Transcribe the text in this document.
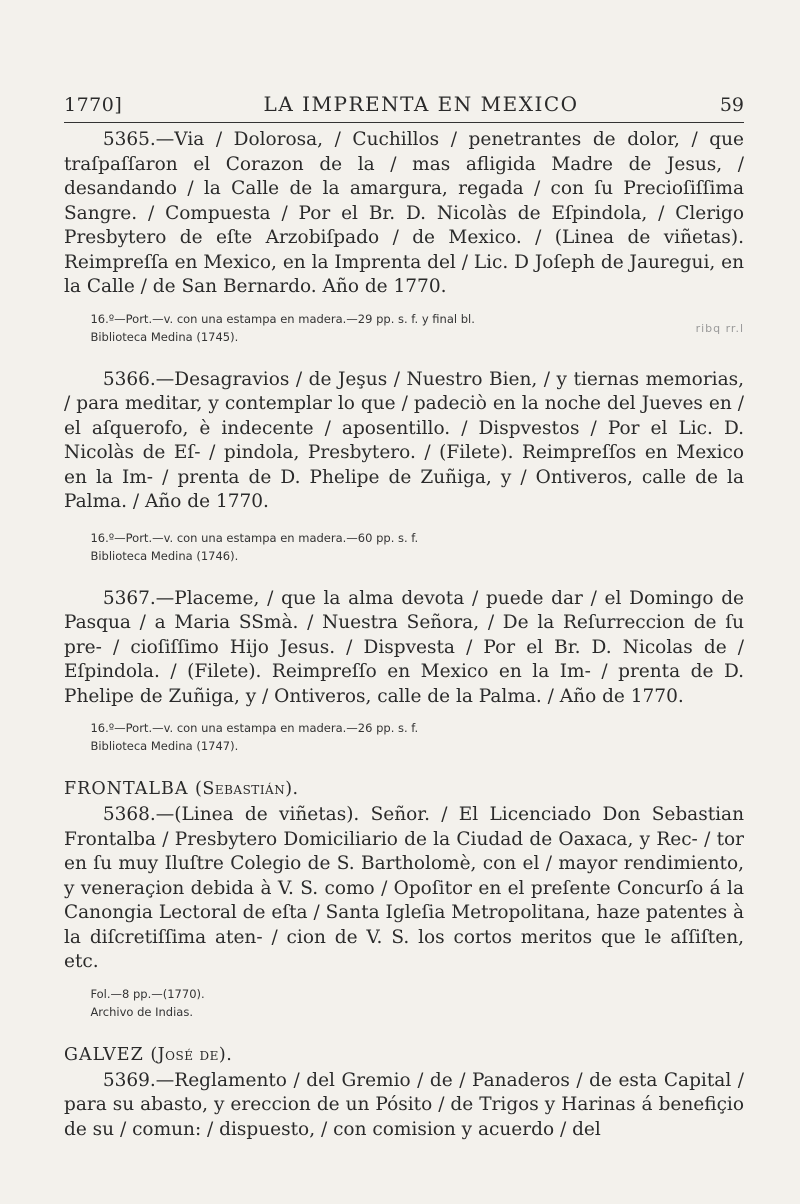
1770]	LA IMPRENTA EN MEXICO	59

5365.—Via / Dolorosa, / Cuchillos / penetrantes de dolor, / que traſpaſſaron el Corazon de la / mas afligida Madre de Jesus, / desandando / la Calle de la amargura, regada / con ſu Precioſiſſima Sangre. / Compuesta / Por el Br. D. Nicolàs de Eſpindola, / Clerigo Presbytero de eſte Arzobiſpado / de Mexico. / (Linea de viñetas). Reimpreſſa en Mexico, en la Imprenta del / Lic. D Joſeph de Jauregui, en la Calle / de San Bernardo. Año de 1770.

16.º—Port.—v. con una estampa en madera.—29 pp. s. f. y final bl.

Biblioteca Medina (1745).

ribq rr.l

5366.—Desagravios / de Jeşus / Nuestro Bien, / y tiernas memorias, / para meditar, y contemplar lo que / padeciò en la noche del Jueves en / el aſquerofo, è indecente / aposentillo. / Dispvestos / Por el Lic. D. Nicolàs de Eſ- / pindola, Presbytero. / (Filete). Reimpreſſos en Mexico en la Im- / prenta de D. Phelipe de Zuñiga, y / Ontiveros, calle de la Palma. / Año de 1770.

16.º—Port.—v. con una estampa en madera.—60 pp. s. f.

Biblioteca Medina (1746).

5367.—Placeme, / que la alma devota / puede dar / el Domingo de Pasqua / a Maria SSmà. / Nuestra Señora, / De la Reſurreccion de ſu pre- / cioſiſſimo Hijo Jesus. / Dispvesta / Por el Br. D. Nicolas de / Eſpindola. / (Filete). Reimpreſſo en Mexico en la Im- / prenta de D. Phelipe de Zuñiga, y / Ontiveros, calle de la Palma. / Año de 1770.

16.º—Port.—v. con una estampa en madera.—26 pp. s. f.

Biblioteca Medina (1747).

FRONTALBA (Sebastián).

5368.—(Linea de viñetas). Señor. / El Licenciado Don Sebastian Frontalba / Presbytero Domiciliario de la Ciudad de Oaxaca, y Rec- / tor en ſu muy Iluſtre Colegio de S. Bartholomè, con el / mayor rendimiento, y veneraçion debida à V. S. como / Opoſitor en el preſente Concurſo á la Canongia Lectoral de eſta / Santa Igleſia Metropolitana, haze patentes à la diſcretiſſima aten- / cion de V. S. los cortos meritos que le aſſiſten, etc.

Fol.—8 pp.—(1770).

Archivo de Indias.

GALVEZ (José de).

5369.—Reglamento / del Gremio / de / Panaderos / de esta Capital / para su abasto, y ereccion de un Pósito / de Trigos y Harinas á benefiçio de su / comun: / dispuesto, / con comision y acuerdo / del
